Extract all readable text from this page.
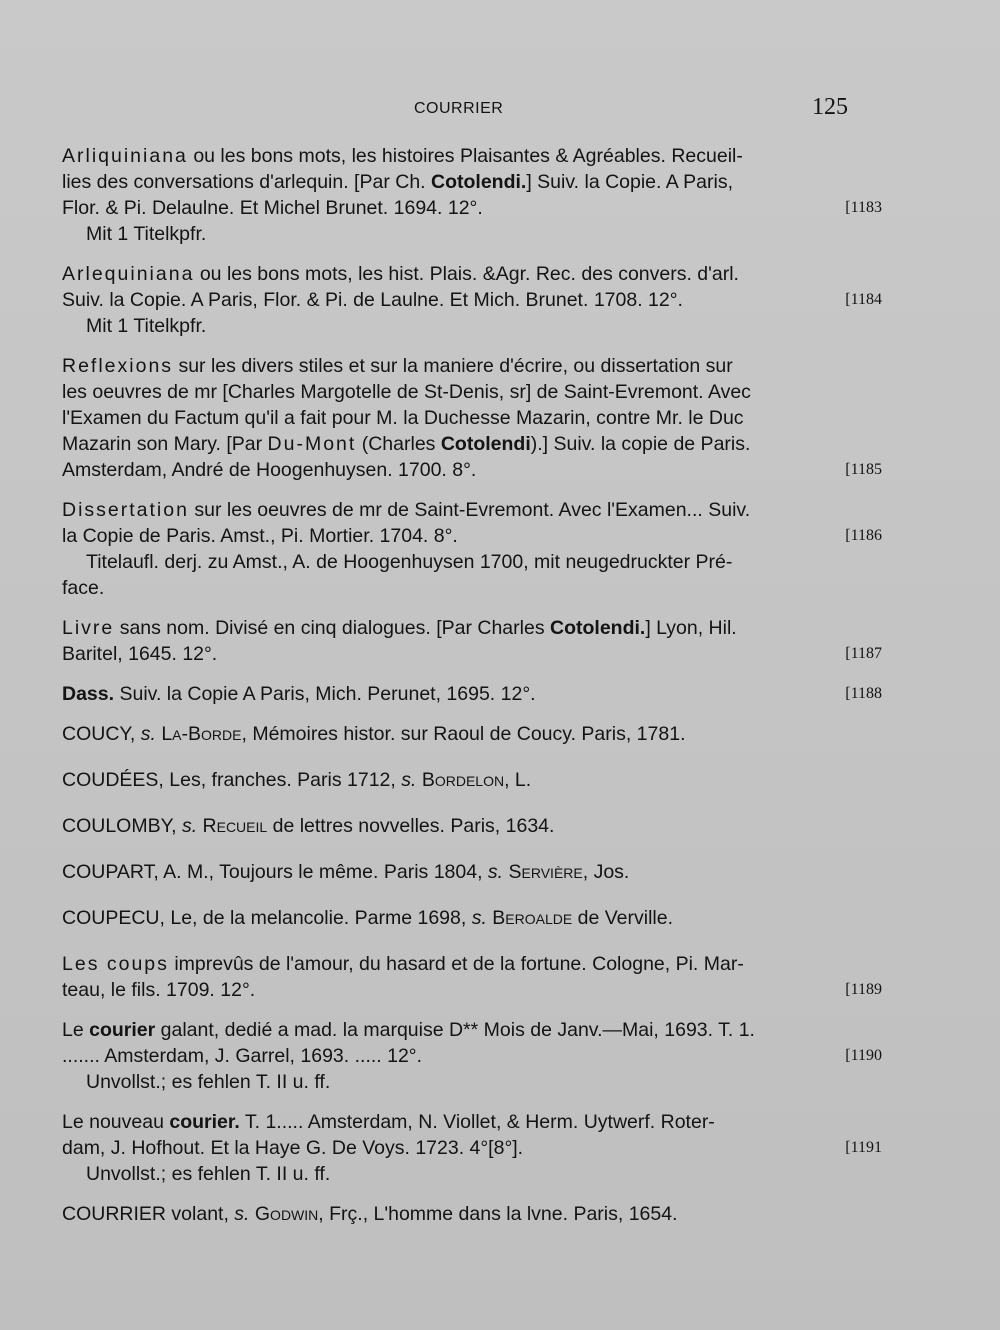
COURRIER	125
Arliquiniana ou les bons mots, les histoires Plaisantes & Agréables. Recueil-
lies des conversations d'arlequin. [Par Ch. Cotolendi.] Suiv. la Copie. A Paris,
Flor. & Pi. Delaulne. Et Michel Brunet. 1694. 12°.	[1183
Mit 1 Titelkpfr.
Arlequiniana ou les bons mots, les hist. Plais. &Agr. Rec. des convers. d'arl.
Suiv. la Copie. A Paris, Flor. & Pi. de Laulne. Et Mich. Brunet. 1708. 12°.	[1184
Mit 1 Titelkpfr.
Reflexions sur les divers stiles et sur la maniere d'écrire, ou dissertation sur
les oeuvres de mr [Charles Margotelle de St-Denis, sr] de Saint-Evremont. Avec
l'Examen du Factum qu'il a fait pour M. la Duchesse Mazarin, contre Mr. le Duc
Mazarin son Mary. [Par Du-Mont (Charles Cotolendi).] Suiv. la copie de Paris.
Amsterdam, André de Hoogenhuysen. 1700. 8°.	[1185
Dissertation sur les oeuvres de mr de Saint-Evremont. Avec l'Examen... Suiv.
la Copie de Paris. Amst., Pi. Mortier. 1704. 8°.	[1186
Titelaufl. derj. zu Amst., A. de Hoogenhuysen 1700, mit neugedruckter Pré-
face.
Livre sans nom. Divisé en cinq dialogues. [Par Charles Cotolendi.] Lyon, Hil.
Baritel, 1645. 12°.	[1187
Dass. Suiv. la Copie A Paris, Mich. Perunet, 1695. 12°.	[1188
COUCY, s. La-Borde, Mémoires histor. sur Raoul de Coucy. Paris, 1781.
COUDÉES, Les, franches. Paris 1712, s. Bordelon, L.
COULOMBY, s. Recueil de lettres novvelles. Paris, 1634.
COUPART, A. M., Toujours le même. Paris 1804, s. Servière, Jos.
COUPECU, Le, de la melancolie. Parme 1698, s. Beroalde de Verville.
Les coups imprevûs de l'amour, du hasard et de la fortune. Cologne, Pi. Mar-
teau, le fils. 1709. 12°.	[1189
Le courier galant, dedié a mad. la marquise D** Mois de Janv.—Mai, 1693. T. 1.
....... Amsterdam, J. Garrel, 1693. ..... 12°.	[1190
Unvollst.; es fehlen T. II u. ff.
Le nouveau courier. T. 1..... Amsterdam, N. Viollet, & Herm. Uytwerf. Roter-
dam, J. Hofhout. Et la Haye G. De Voys. 1723. 4°[8°].	[1191
Unvollst.; es fehlen T. II u. ff.
COURRIER volant, s. Godwin, Frç., L'homme dans la lvne. Paris, 1654.
